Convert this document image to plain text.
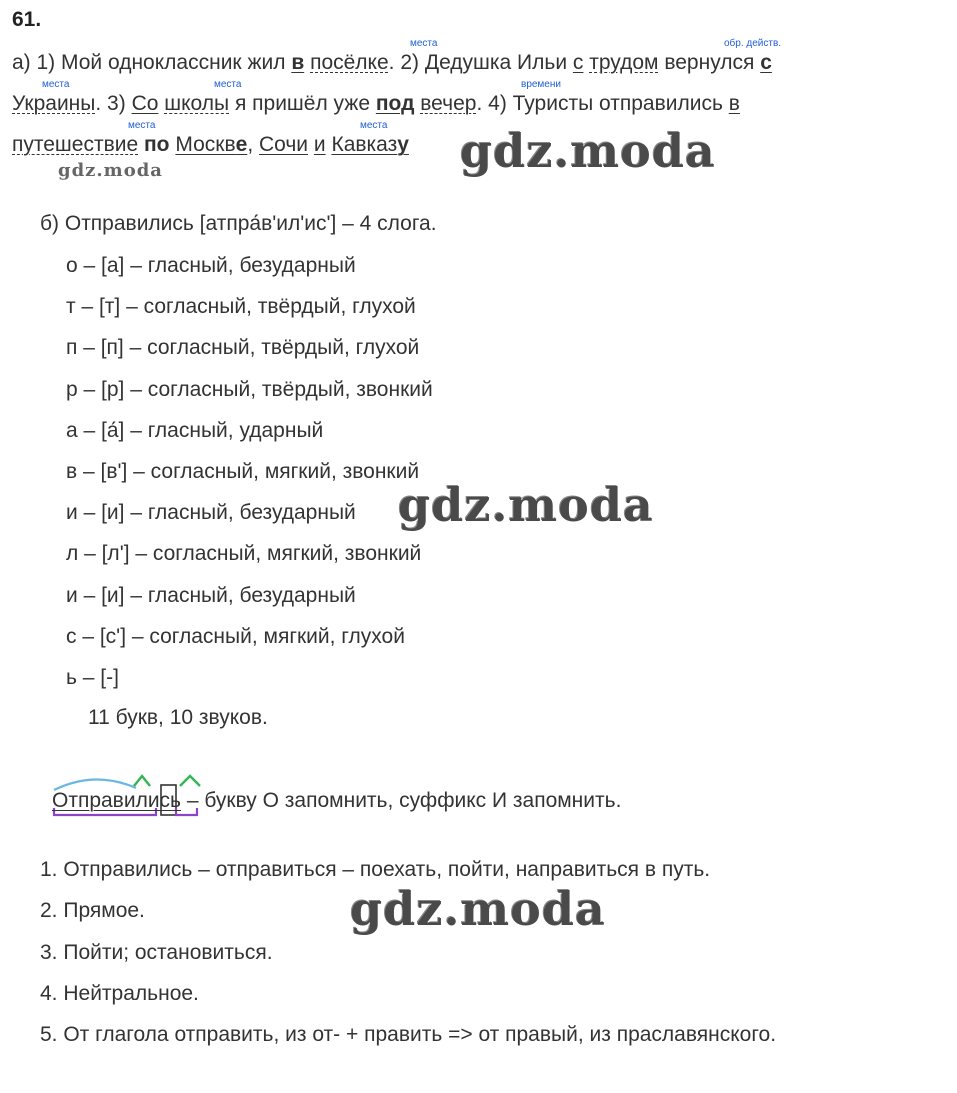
61.
а) 1) Мой одноклассник жил в посёлке. 2) Дедушка Ильи с трудом вернулся с
Украины. 3) Со школы я пришёл уже под вечер. 4) Туристы отправились в
путешествие по Москве, Сочи и Кавказу
места	обр. действ.
места	места	времени
места	места gdz.moda
gdz.moda
gdz.moda
gdz.moda
б) Отправились [атпра́в'ил'ис'] – 4 слога.
о – [а] – гласный, безударный
т – [т] – согласный, твёрдый, глухой
п – [п] – согласный, твёрдый, глухой
р – [р] – согласный, твёрдый, звонкий
а – [а́] – гласный, ударный
в – [в'] – согласный, мягкий, звонкий
и – [и] – гласный, безударный
л – [л'] – согласный, мягкий, звонкий
и – [и] – гласный, безударный
с – [с'] – согласный, мягкий, глухой
ь – [-]
11 букв, 10 звуков.
Отправились – букву О запомнить, суффикс И запомнить.
1. Отправились – отправиться – поехать, пойти, направиться в путь.
2. Прямое.
3. Пойти; остановиться.
4. Нейтральное.
5. От глагола отправить, из от- + править => от правый, из праславянского.
